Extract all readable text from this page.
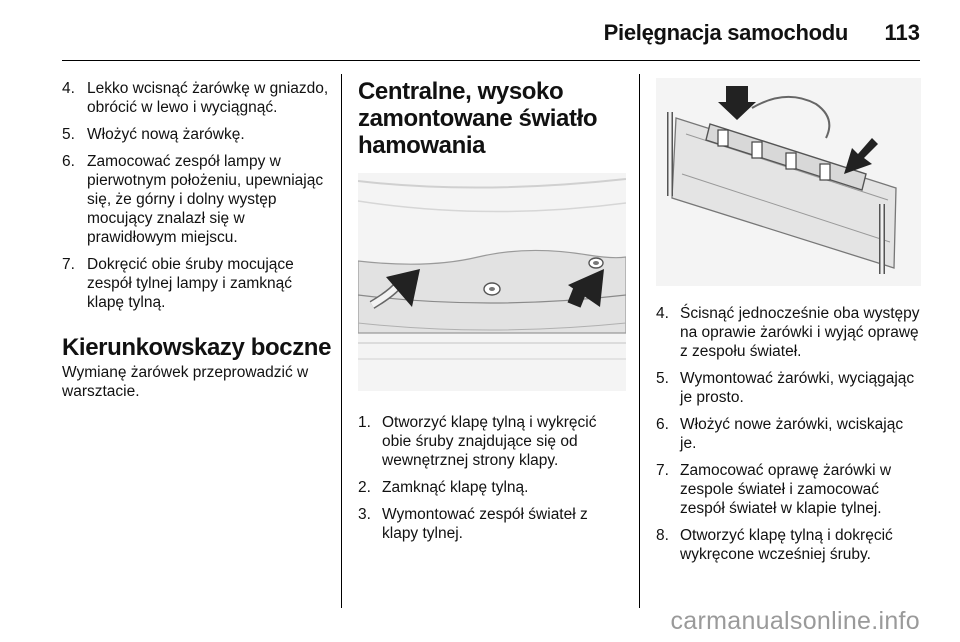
Pielęgnacja samochodu 113
4. Lekko wcisnąć żarówkę w gniazdo, obrócić w lewo i wyciągnąć.
5. Włożyć nową żarówkę.
6. Zamocować zespół lampy w pierwotnym położeniu, upewniając się, że górny i dolny występ mocujący znalazł się w prawidłowym miejscu.
7. Dokręcić obie śruby mocujące zespół tylnej lampy i zamknąć klapę tylną.
Kierunkowskazy boczne

Wymianę żarówek przeprowadzić w warsztacie.

Centralne, wysoko zamontowane światło hamowania
1. Otworzyć klapę tylną i wykręcić obie śruby znajdujące się od wewnętrznej strony klapy.
2. Zamknąć klapę tylną.
3. Wymontować zespół świateł z klapy tylnej.
4. Ścisnąć jednocześnie oba występy na oprawie żarówki i wyjąć oprawę z zespołu świateł.
5. Wymontować żarówki, wyciągając je prosto.
6. Włożyć nowe żarówki, wciskając je.
7. Zamocować oprawę żarówki w zespole świateł i zamocować zespół świateł w klapie tylnej.
8. Otworzyć klapę tylną i dokręcić wykręcone wcześniej śruby.
carmanualsonline.info
